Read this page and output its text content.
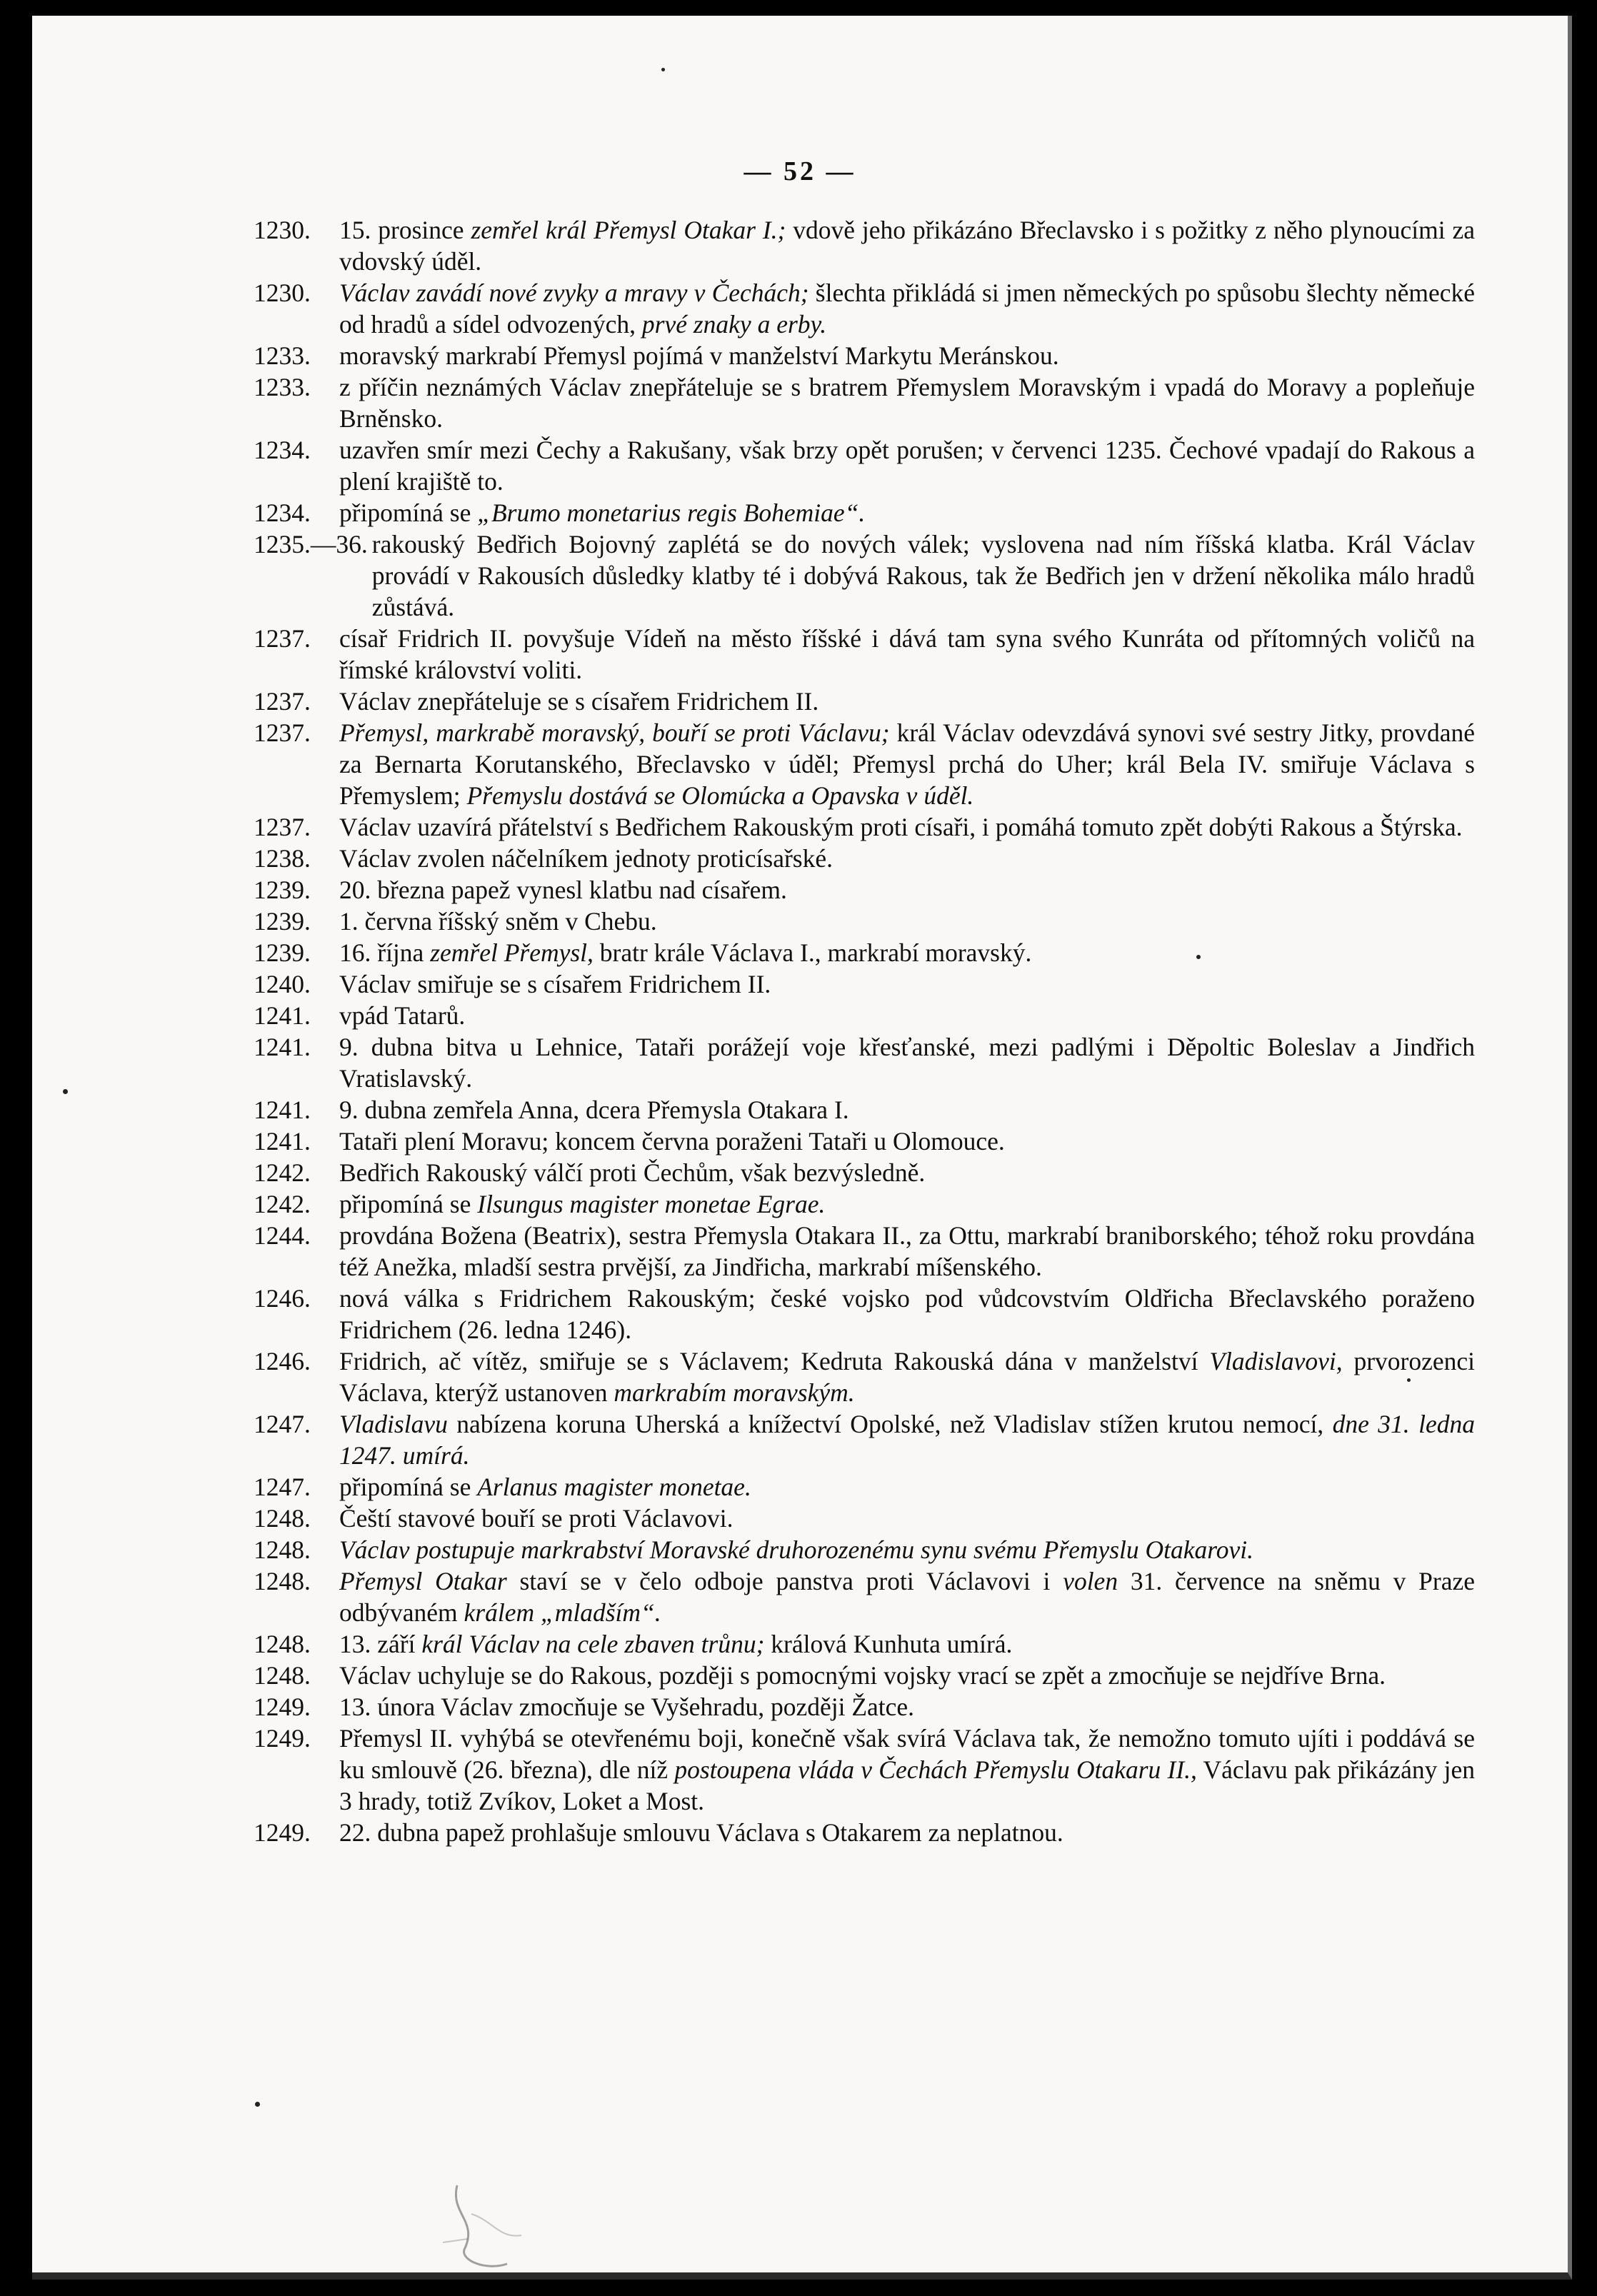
— 52 —
1230.	15. prosince zemřel král Přemysl Otakar I.; vdově jeho přikázáno Břeclavsko i s požitky z něho plynoucími za vdovský úděl.
1230.	Václav zavádí nové zvyky a mravy v Čechách; šlechta přikládá si jmen německých po spůsobu šlechty německé od hradů a sídel odvozených, prvé znaky a erby.
1233.	moravský markrabí Přemysl pojímá v manželství Markytu Meránskou.
1233.	z příčin neznámých Václav znepřáteluje se s bratrem Přemyslem Moravským i vpadá do Moravy a popleňuje Brněnsko.
1234.	uzavřen smír mezi Čechy a Rakušany, však brzy opět porušen; v červenci 1235. Čechové vpadají do Rakous a plení krajiště to.
1234.	připomíná se „Brumo monetarius regis Bohemiae“.
1235.—36. rakouský Bedřich Bojovný zaplétá se do nových válek; vyslovena nad ním říšská klatba. Král Václav provádí v Rakousích důsledky klatby té i dobývá Rakous, tak že Bedřich jen v držení několika málo hradů zůstává.
1237.	císař Fridrich II. povyšuje Vídeň na město říšské i dává tam syna svého Kunráta od přítomných voličů na římské království voliti.
1237.	Václav znepřáteluje se s císařem Fridrichem II.
1237.	Přemysl, markrabě moravský, bouří se proti Václavu; král Václav odevzdává synovi své sestry Jitky, provdané za Bernarta Korutanského, Břeclavsko v úděl; Přemysl prchá do Uher; král Bela IV. smiřuje Václava s Přemyslem; Přemyslu dostává se Olomúcka a Opavska v úděl.
1237.	Václav uzavírá přátelství s Bedřichem Rakouským proti císaři, i pomáhá tomuto zpět dobýti Rakous a Štýrska.
1238.	Václav zvolen náčelníkem jednoty proticísařské.
1239.	20. března papež vynesl klatbu nad císařem.
1239.	1. června říšský sněm v Chebu.
1239.	16. října zemřel Přemysl, bratr krále Václava I., markrabí moravský.
1240.	Václav smiřuje se s císařem Fridrichem II.
1241.	vpád Tatarů.
1241.	9. dubna bitva u Lehnice, Tataři porážejí voje křesťanské, mezi padlými i Děpoltic Boleslav a Jindřich Vratislavský.
1241.	9. dubna zemřela Anna, dcera Přemysla Otakara I.
1241.	Tataři plení Moravu; koncem června poraženi Tataři u Olomouce.
1242.	Bedřich Rakouský válčí proti Čechům, však bezvýsledně.
1242.	připomíná se Ilsungus magister monetae Egrae.
1244.	provdána Božena (Beatrix), sestra Přemysla Otakara II., za Ottu, markrabí braniborského; téhož roku provdána též Anežka, mladší sestra prvější, za Jindřicha, markrabí míšenského.
1246.	nová válka s Fridrichem Rakouským; české vojsko pod vůdcovstvím Oldřicha Břeclavského poraženo Fridrichem (26. ledna 1246).
1246.	Fridrich, ač vítěz, smiřuje se s Václavem; Kedruta Rakouská dána v manželství Vladislavovi, prvorozenci Václava, kterýž ustanoven markrabím moravským.
1247.	Vladislavu nabízena koruna Uherská a knížectví Opolské, než Vladislav stížen krutou nemocí, dne 31. ledna 1247. umírá.
1247.	připomíná se Arlanus magister monetae.
1248.	Čeští stavové bouří se proti Václavovi.
1248.	Václav postupuje markrabství Moravské druhorozenému synu svému Přemyslu Otakarovi.
1248.	Přemysl Otakar staví se v čelo odboje panstva proti Václavovi i volen 31. července na sněmu v Praze odbývaném králem „mladším“.
1248.	13. září král Václav na cele zbaven trůnu; králová Kunhuta umírá.
1248.	Václav uchyluje se do Rakous, později s pomocnými vojsky vrací se zpět a zmocňuje se nejdříve Brna.
1249.	13. února Václav zmocňuje se Vyšehradu, později Žatce.
1249.	Přemysl II. vyhýbá se otevřenému boji, konečně však svírá Václava tak, že nemožno tomuto ujíti i poddává se ku smlouvě (26. března), dle níž postoupena vláda v Čechách Přemyslu Otakaru II., Václavu pak přikázány jen 3 hrady, totiž Zvíkov, Loket a Most.
1249.	22. dubna papež prohlašuje smlouvu Václava s Otakarem za neplatnou.
